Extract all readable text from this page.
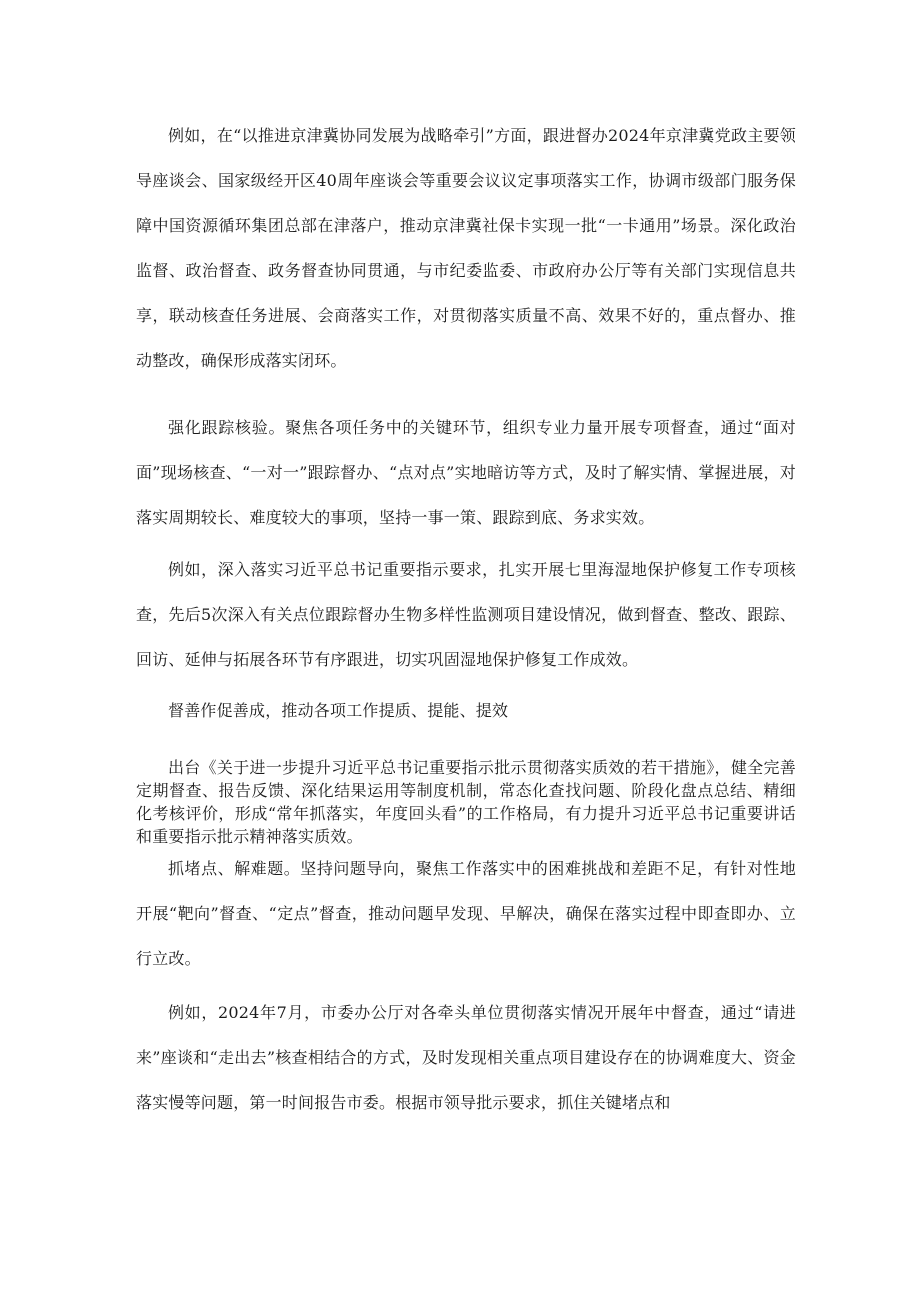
例如，在“以推进京津冀协同发展为战略牵引”方面，跟进督办2024年京津冀党政主要领导座谈会、国家级经开区40周年座谈会等重要会议议定事项落实工作，协调市级部门服务保障中国资源循环集团总部在津落户，推动京津冀社保卡实现一批“一卡通用”场景。深化政治监督、政治督查、政务督查协同贯通，与市纪委监委、市政府办公厅等有关部门实现信息共享，联动核查任务进展、会商落实工作，对贯彻落实质量不高、效果不好的，重点督办、推动整改，确保形成落实闭环。

强化跟踪核验。聚焦各项任务中的关键环节，组织专业力量开展专项督查，通过“面对面”现场核查、“一对一”跟踪督办、“点对点”实地暗访等方式，及时了解实情、掌握进展，对落实周期较长、难度较大的事项，坚持一事一策、跟踪到底、务求实效。

例如，深入落实习近平总书记重要指示要求，扎实开展七里海湿地保护修复工作专项核查，先后5次深入有关点位跟踪督办生物多样性监测项目建设情况，做到督查、整改、跟踪、回访、延伸与拓展各环节有序跟进，切实巩固湿地保护修复工作成效。

督善作促善成，推动各项工作提质、提能、提效

出台《关于进一步提升习近平总书记重要指示批示贯彻落实质效的若干措施》，健全完善定期督查、报告反馈、深化结果运用等制度机制，常态化查找问题、阶段化盘点总结、精细化考核评价，形成“常年抓落实，年度回头看”的工作格局，有力提升习近平总书记重要讲话和重要指示批示精神落实质效。

抓堵点、解难题。坚持问题导向，聚焦工作落实中的困难挑战和差距不足，有针对性地开展“靶向”督查、“定点”督查，推动问题早发现、早解决，确保在落实过程中即查即办、立行立改。

例如，2024年7月，市委办公厅对各牵头单位贯彻落实情况开展年中督查，通过“请进来”座谈和“走出去”核查相结合的方式，及时发现相关重点项目建设存在的协调难度大、资金落实慢等问题，第一时间报告市委。根据市领导批示要求，抓住关键堵点和
